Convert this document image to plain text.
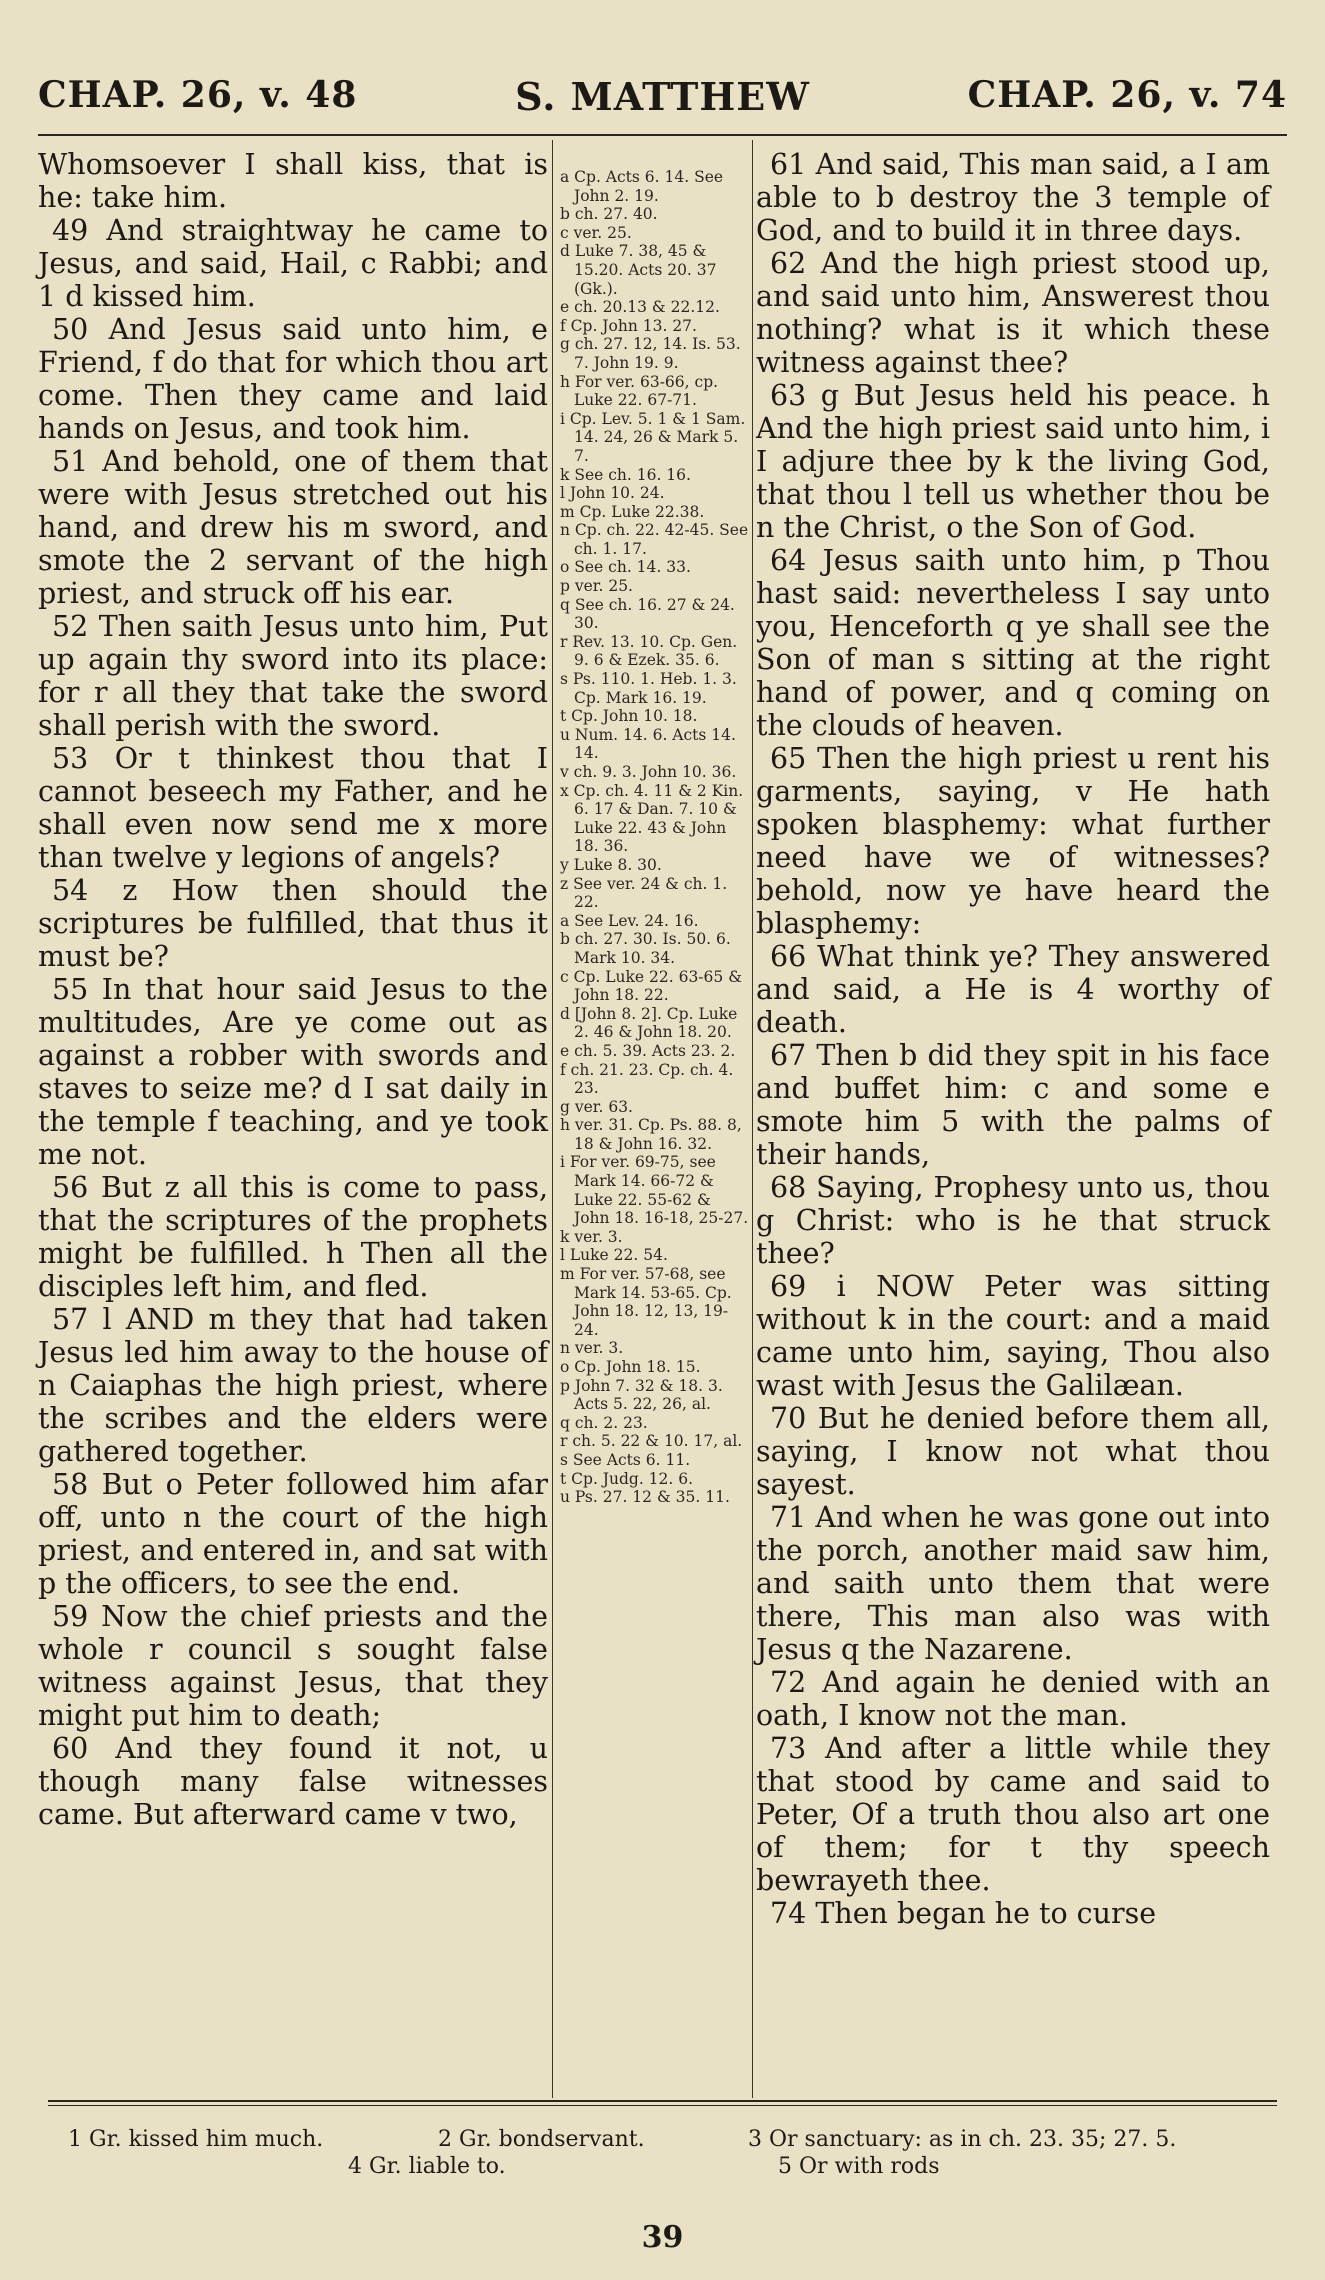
CHAP. 26, v. 48	S. MATTHEW	CHAP. 26, v. 74

Whomsoever I shall kiss, that is he: take him.

49 And straightway he came to Jesus, and said, Hail, c Rabbi; and 1 d kissed him.

50 And Jesus said unto him, e Friend, f do that for which thou art come. Then they came and laid hands on Jesus, and took him.

51 And behold, one of them that were with Jesus stretched out his hand, and drew his m sword, and smote the 2 servant of the high priest, and struck off his ear.

52 Then saith Jesus unto him, Put up again thy sword into its place: for r all they that take the sword shall perish with the sword.

53 Or t thinkest thou that I cannot beseech my Father, and he shall even now send me x more than twelve y legions of angels?

54 z How then should the scriptures be fulfilled, that thus it must be?

55 In that hour said Jesus to the multitudes, Are ye come out as against a robber with swords and staves to seize me? d I sat daily in the temple f teaching, and ye took me not.

56 But z all this is come to pass, that the scriptures of the prophets might be fulfilled. h Then all the disciples left him, and fled.

57 l AND m they that had taken Jesus led him away to the house of n Caiaphas the high priest, where the scribes and the elders were gathered together.

58 But o Peter followed him afar off, unto n the court of the high priest, and entered in, and sat with p the officers, to see the end.

59 Now the chief priests and the whole r council s sought false witness against Jesus, that they might put him to death;

60 And they found it not, u though many false witnesses came. But afterward came v two,

a Cp. Acts 6. 14. See John 2. 19.

b ch. 27. 40.

c ver. 25.

d Luke 7. 38, 45 & 15.20. Acts 20. 37 (Gk.).

e ch. 20.13 & 22.12.

f Cp. John 13. 27.

g ch. 27. 12, 14. Is. 53. 7. John 19. 9.

h For ver. 63-66, cp. Luke 22. 67-71.

i Cp. Lev. 5. 1 & 1 Sam. 14. 24, 26 & Mark 5. 7.

k See ch. 16. 16.

l John 10. 24.

m Cp. Luke 22.38.

n Cp. ch. 22. 42-45. See ch. 1. 17.

o See ch. 14. 33.

p ver. 25.

q See ch. 16. 27 & 24. 30.

r Rev. 13. 10. Cp. Gen. 9. 6 & Ezek. 35. 6.

s Ps. 110. 1. Heb. 1. 3. Cp. Mark 16. 19.

t Cp. John 10. 18.

u Num. 14. 6. Acts 14. 14.

v ch. 9. 3. John 10. 36.

x Cp. ch. 4. 11 & 2 Kin. 6. 17 & Dan. 7. 10 & Luke 22. 43 & John 18. 36.

y Luke 8. 30.

z See ver. 24 & ch. 1. 22.

a See Lev. 24. 16.

b ch. 27. 30. Is. 50. 6. Mark 10. 34.

c Cp. Luke 22. 63-65 & John 18. 22.

d [John 8. 2]. Cp. Luke 2. 46 & John 18. 20.

e ch. 5. 39. Acts 23. 2.

f ch. 21. 23. Cp. ch. 4. 23.

g ver. 63.

h ver. 31. Cp. Ps. 88. 8, 18 & John 16. 32.

i For ver. 69-75, see Mark 14. 66-72 & Luke 22. 55-62 & John 18. 16-18, 25-27.

k ver. 3.

l Luke 22. 54.

m For ver. 57-68, see Mark 14. 53-65. Cp. John 18. 12, 13, 19-24.

n ver. 3.

o Cp. John 18. 15.

p John 7. 32 & 18. 3. Acts 5. 22, 26, al.

q ch. 2. 23.

r ch. 5. 22 & 10. 17, al.

s See Acts 6. 11.

t Cp. Judg. 12. 6.

u Ps. 27. 12 & 35. 11.

61 And said, This man said, a I am able to b destroy the 3 temple of God, and to build it in three days.

62 And the high priest stood up, and said unto him, Answerest thou nothing? what is it which these witness against thee?

63 g But Jesus held his peace. h And the high priest said unto him, i I adjure thee by k the living God, that thou l tell us whether thou be n the Christ, o the Son of God.

64 Jesus saith unto him, p Thou hast said: nevertheless I say unto you, Henceforth q ye shall see the Son of man s sitting at the right hand of power, and q coming on the clouds of heaven.

65 Then the high priest u rent his garments, saying, v He hath spoken blasphemy: what further need have we of witnesses? behold, now ye have heard the blasphemy:

66 What think ye? They answered and said, a He is 4 worthy of death.

67 Then b did they spit in his face and buffet him: c and some e smote him 5 with the palms of their hands,

68 Saying, Prophesy unto us, thou g Christ: who is he that struck thee?

69 i NOW Peter was sitting without k in the court: and a maid came unto him, saying, Thou also wast with Jesus the Galilæan.

70 But he denied before them all, saying, I know not what thou sayest.

71 And when he was gone out into the porch, another maid saw him, and saith unto them that were there, This man also was with Jesus q the Nazarene.

72 And again he denied with an oath, I know not the man.

73 And after a little while they that stood by came and said to Peter, Of a truth thou also art one of them; for t thy speech bewrayeth thee.

74 Then began he to curse

1 Gr. kissed him much.	2 Gr. bondservant.	3 Or sanctuary: as in ch. 23. 35; 27. 5.
4 Gr. liable to.	5 Or with rods
39
